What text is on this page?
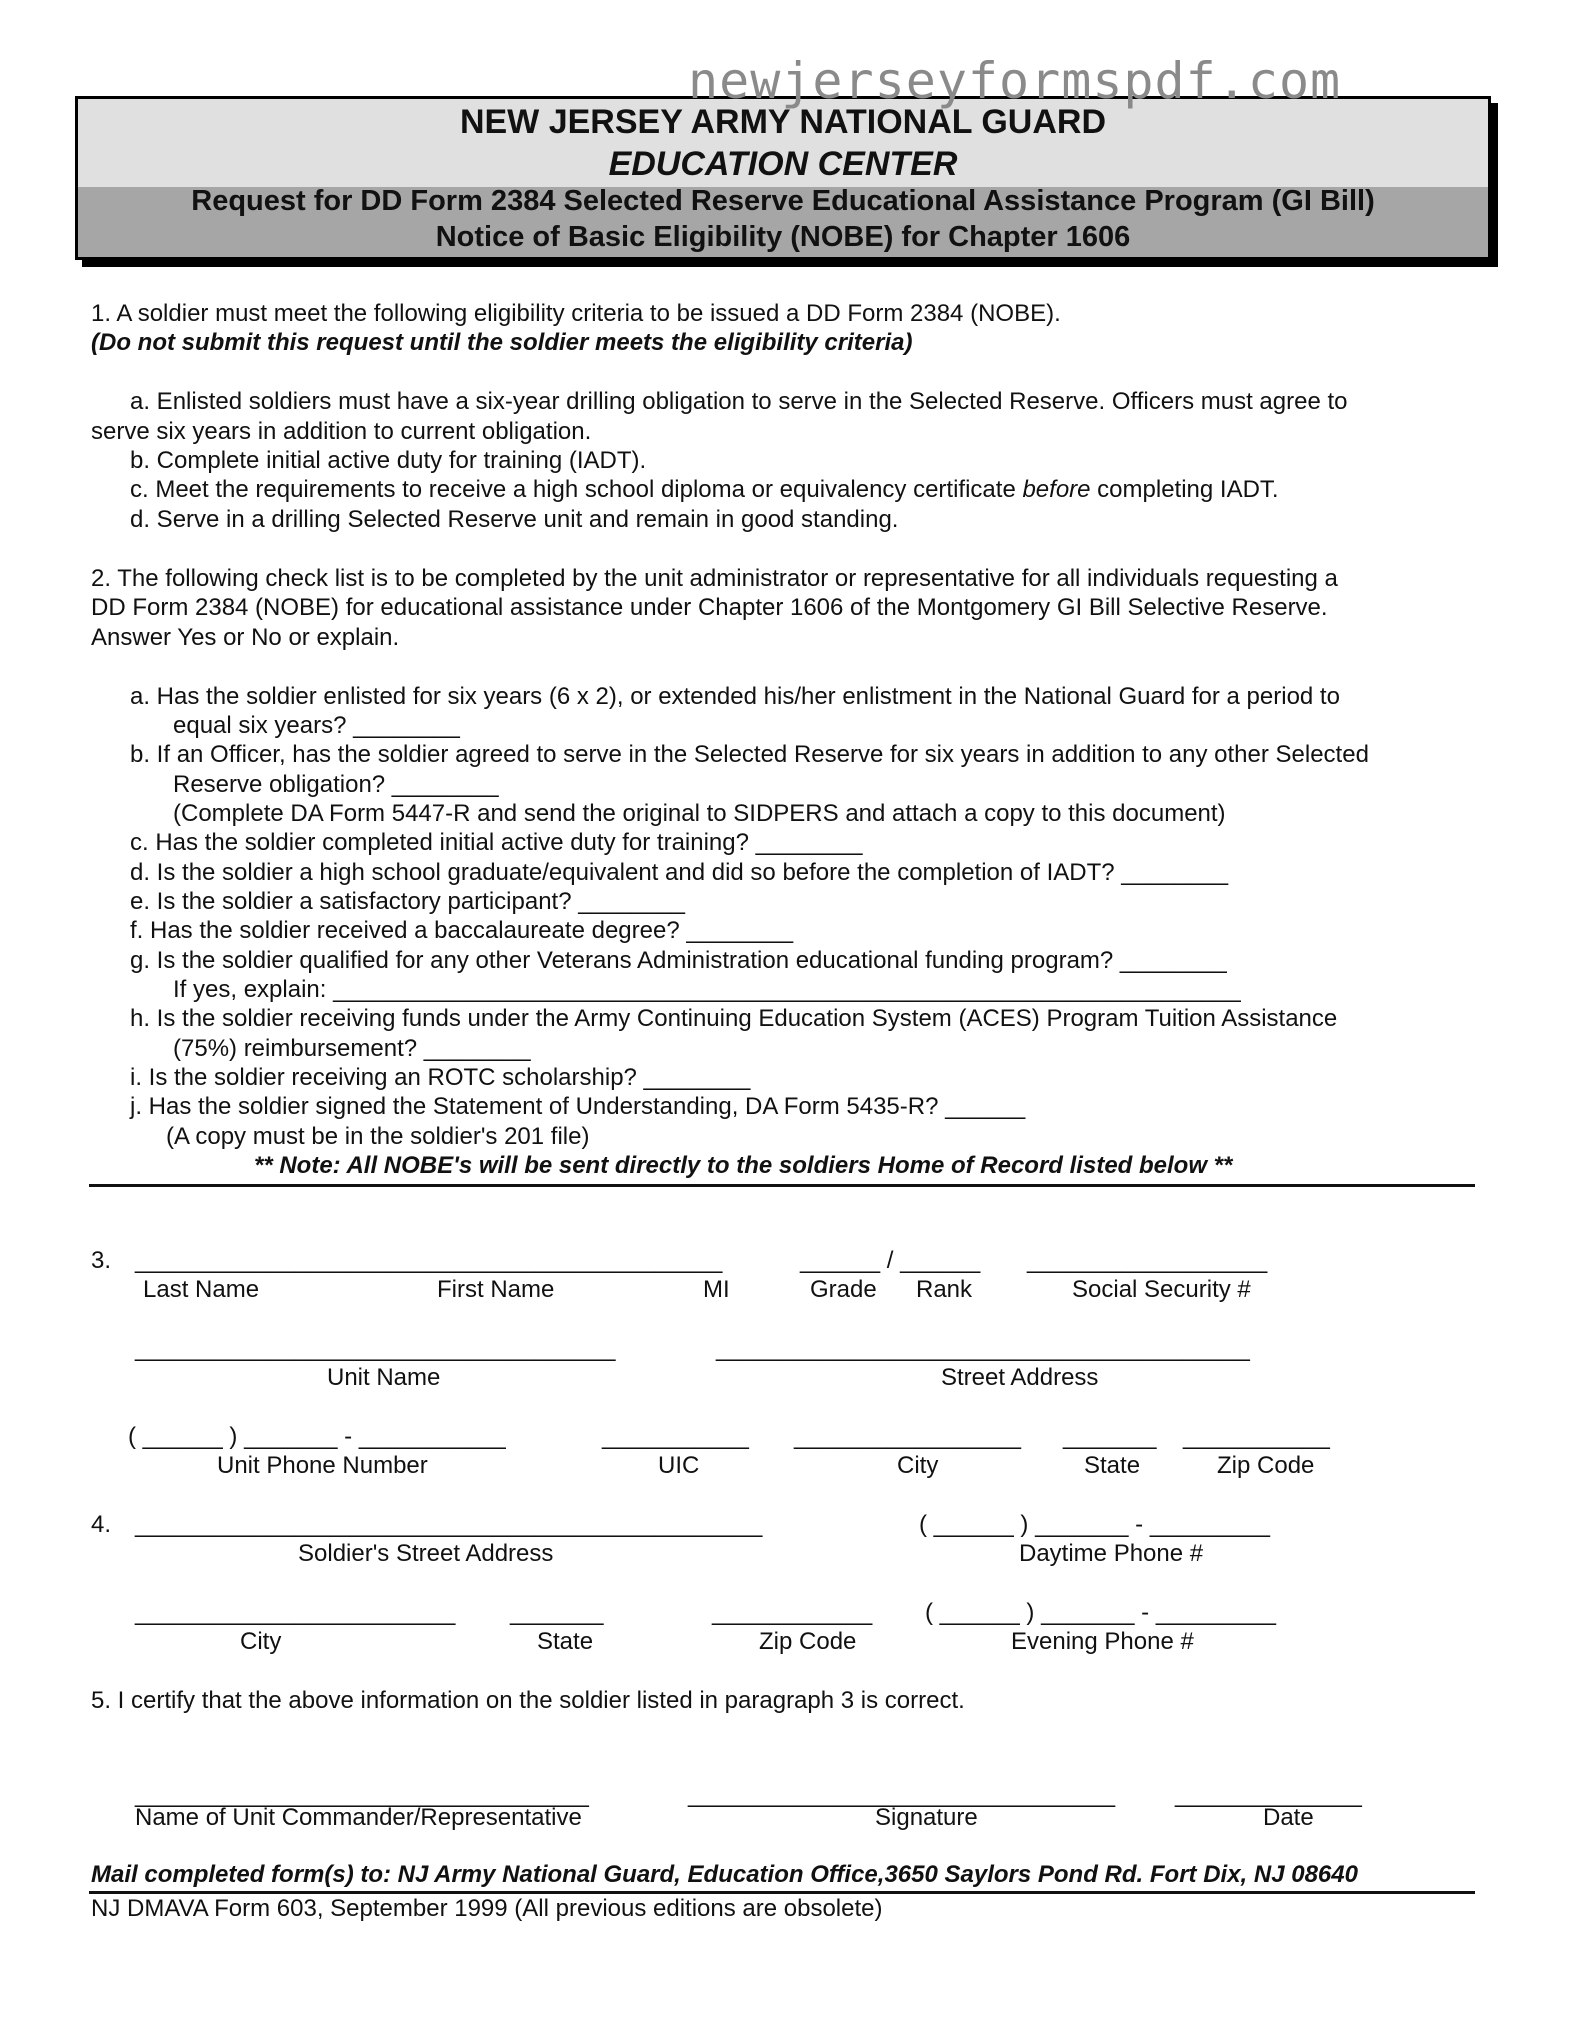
newjerseyformspdf.com
NEW JERSEY ARMY NATIONAL GUARD
EDUCATION CENTER
Request for DD Form 2384 Selected Reserve Educational Assistance Program (GI Bill)
Notice of Basic Eligibility (NOBE) for Chapter 1606
1. A soldier must meet the following eligibility criteria to be issued a DD Form 2384 (NOBE).
(Do not submit this request until the soldier meets the eligibility criteria)
a. Enlisted soldiers must have a six-year drilling obligation to serve in the Selected Reserve. Officers must agree to
serve six years in addition to current obligation.
b. Complete initial active duty for training (IADT).
c. Meet the requirements to receive a high school diploma or equivalency certificate before completing IADT.
d. Serve in a drilling Selected Reserve unit and remain in good standing.
2. The following check list is to be completed by the unit administrator or representative for all individuals requesting a
DD Form 2384 (NOBE) for educational assistance under Chapter 1606 of the Montgomery GI Bill Selective Reserve.
Answer Yes or No or explain.
a. Has the soldier enlisted for six years (6 x 2), or extended his/her enlistment in the National Guard for a period to
equal six years? ________
b. If an Officer, has the soldier agreed to serve in the Selected Reserve for six years in addition to any other Selected
Reserve obligation? ________
(Complete DA Form 5447-R and send the original to SIDPERS and attach a copy to this document)
c. Has the soldier completed initial active duty for training? ________
d. Is the soldier a high school graduate/equivalent and did so before the completion of IADT? ________
e. Is the soldier a satisfactory participant? ________
f. Has the soldier received a baccalaureate degree? ________
g. Is the soldier qualified for any other Veterans Administration educational funding program? ________
If yes, explain: ____________________________________________________________________
h. Is the soldier receiving funds under the Army Continuing Education System (ACES) Program Tuition Assistance
(75%) reimbursement? ________
i. Is the soldier receiving an ROTC scholarship? ________
j. Has the soldier signed the Statement of Understanding, DA Form 5435-R? ______
(A copy must be in the soldier's 201 file)
** Note: All NOBE's will be sent directly to the soldiers Home of Record listed below **
3. ____________________________________________	______ / ______ __________________
Last Name	First Name	MI	Grade Rank	Social Security #
____________________________________	________________________________________
Unit Name	Street Address
( ______ ) _______ - ___________	___________ _________________ _______ ___________
Unit Phone Number	UIC	City	State	Zip Code
4. _______________________________________________	( ______ ) _______ - _________
Soldier's Street Address	Daytime Phone #
________________________ _______	____________ ( ______ ) _______ - _________
City	State	Zip Code	Evening Phone #
5. I certify that the above information on the soldier listed in paragraph 3 is correct.
__________________________________	________________________________ ______________
Name of Unit Commander/Representative	Signature	Date
Mail completed form(s) to: NJ Army National Guard, Education Office,3650 Saylors Pond Rd. Fort Dix, NJ 08640
NJ DMAVA Form 603, September 1999 (All previous editions are obsolete)
